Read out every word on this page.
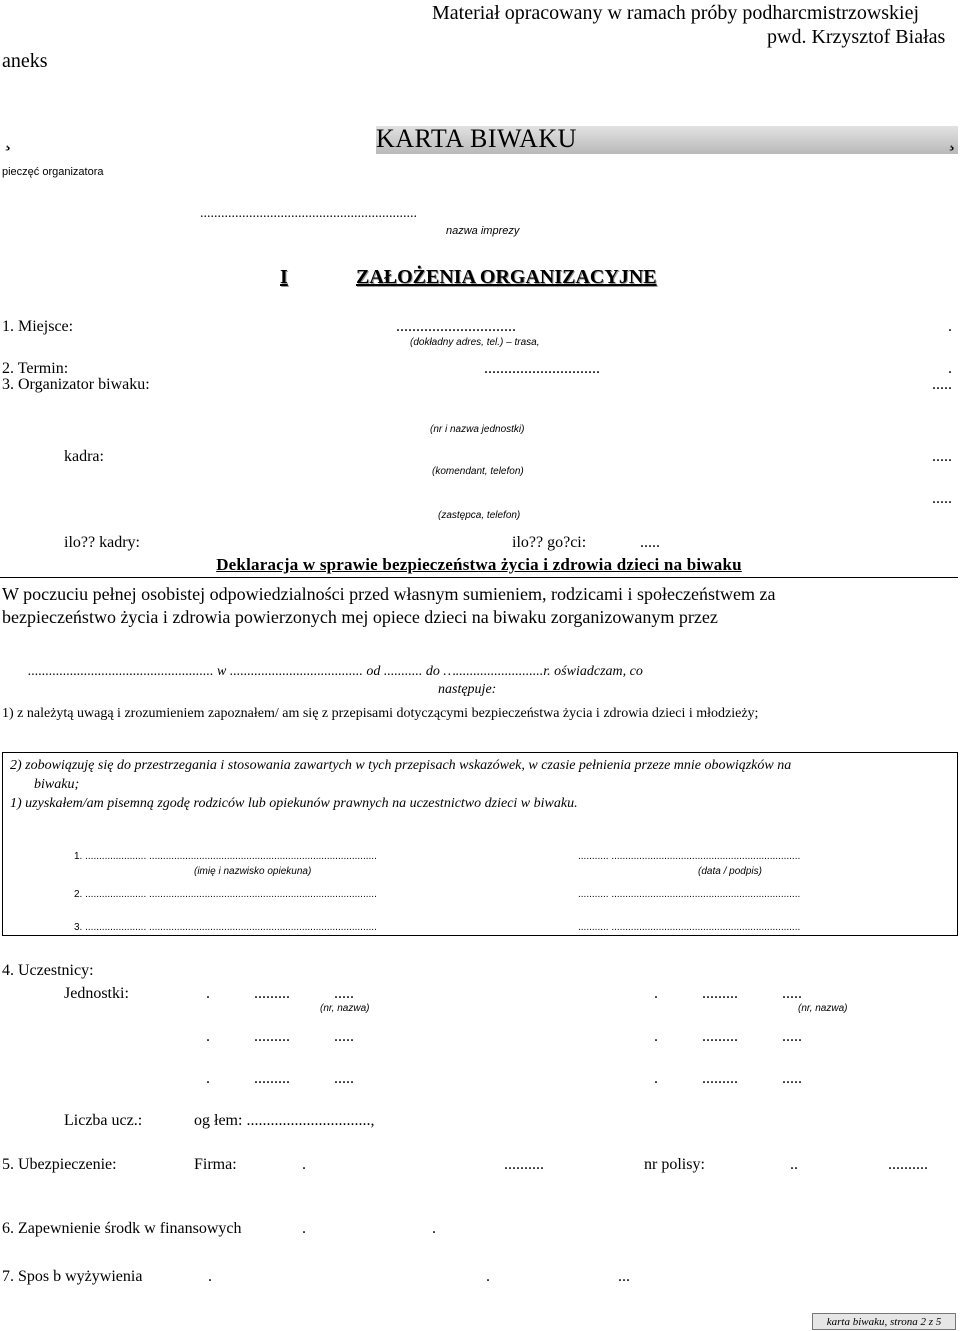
Materiał opracowany w ramach próby podharcmistrzowskiej
pwd. Krzysztof Białas
aneks
¸	KARTA BIWAKU	¸
pieczęć organizatora
..............................................................
nazwa imprezy
I	ZAŁOŻENIA ORGANIZACYJNE
1. Miejsce:	..............................	.
(dokładny adres, tel.) – trasa,
2. Termin:	.............................	.
3. Organizator biwaku:	.....
(nr i nazwa jednostki)
kadra:	.....
(komendant, telefon)
.....
(zastępca, telefon)
ilo?? kadry:	ilo?? go?ci:	.....
Deklaracja w sprawie bezpieczeństwa życia i zdrowia dzieci na biwaku
W poczuciu pełnej osobistej odpowiedzialności przed własnym sumieniem, rodzicami i społeczeństwem za
bezpieczeństwo życia i zdrowia powierzonych mej opiece dzieci na biwaku zorganizowanym przez
..................................................... w ...................................... od ........... do ….........................r. oświadczam, co
następuje:
1) z należytą uwagą i zrozumieniem zapoznałem/ am się z przepisami dotyczącymi bezpieczeństwa życia i zdrowia dzieci i młodzieży;
2) zobowiązuję się do przestrzegania i stosowania zawartych w tych przepisach wskazówek, w czasie pełnienia przeze mnie obowiązków na
biwaku;
1) uzyskałem/am pisemną zgodę rodziców lub opiekunów prawnych na uczestnictwo dzieci w biwaku.
1. ...................... ..................................................................................	........... ....................................................................
(imię i nazwisko opiekuna)	(data / podpis)
2. ...................... ..................................................................................	........... ....................................................................
3. ...................... ..................................................................................	........... ....................................................................
4. Uczestnicy:
Jednostki:	. ......... .....	. ......... .....
(nr, nazwa)	(nr, nazwa)
. ......... .....	. ......... .....
. ......... .....	. ......... .....
Liczba ucz.:	og łem: ...............................,
5. Ubezpieczenie:	Firma:	.	..........	nr polisy:	..	..........
6. Zapewnienie środk w finansowych	.	.
7. Spos b wyżywienia	.	.	...
karta biwaku, strona 2 z 5
